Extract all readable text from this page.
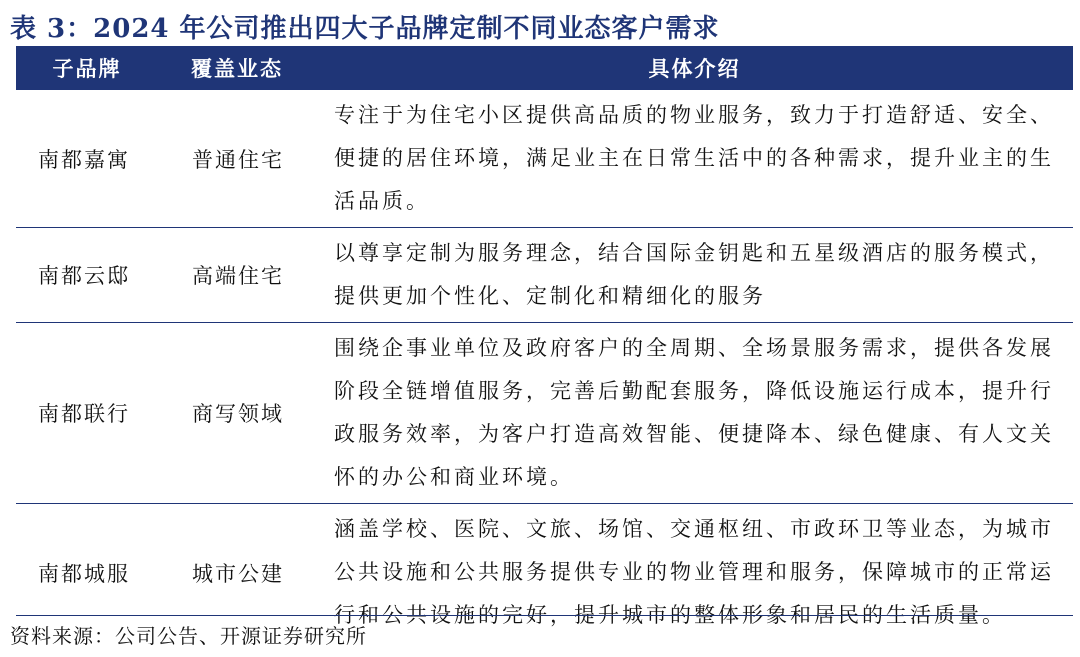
表 3：2024 年公司推出四大子品牌定制不同业态客户需求
子品牌	覆盖业态	具体介绍
南都嘉寓	普通住宅	专注于为住宅小区提供高品质的物业服务，致力于打造舒适、安全、便捷的居住环境，满足业主在日常生活中的各种需求，提升业主的生活品质。
南都云邸	高端住宅	以尊享定制为服务理念，结合国际金钥匙和五星级酒店的服务模式，提供更加个性化、定制化和精细化的服务
南都联行	商写领域	围绕企事业单位及政府客户的全周期、全场景服务需求，提供各发展阶段全链增值服务，完善后勤配套服务，降低设施运行成本，提升行政服务效率，为客户打造高效智能、便捷降本、绿色健康、有人文关怀的办公和商业环境。
南都城服	城市公建	涵盖学校、医院、文旅、场馆、交通枢纽、市政环卫等业态，为城市公共设施和公共服务提供专业的物业管理和服务，保障城市的正常运行和公共设施的完好，提升城市的整体形象和居民的生活质量。
资料来源：公司公告、开源证券研究所
